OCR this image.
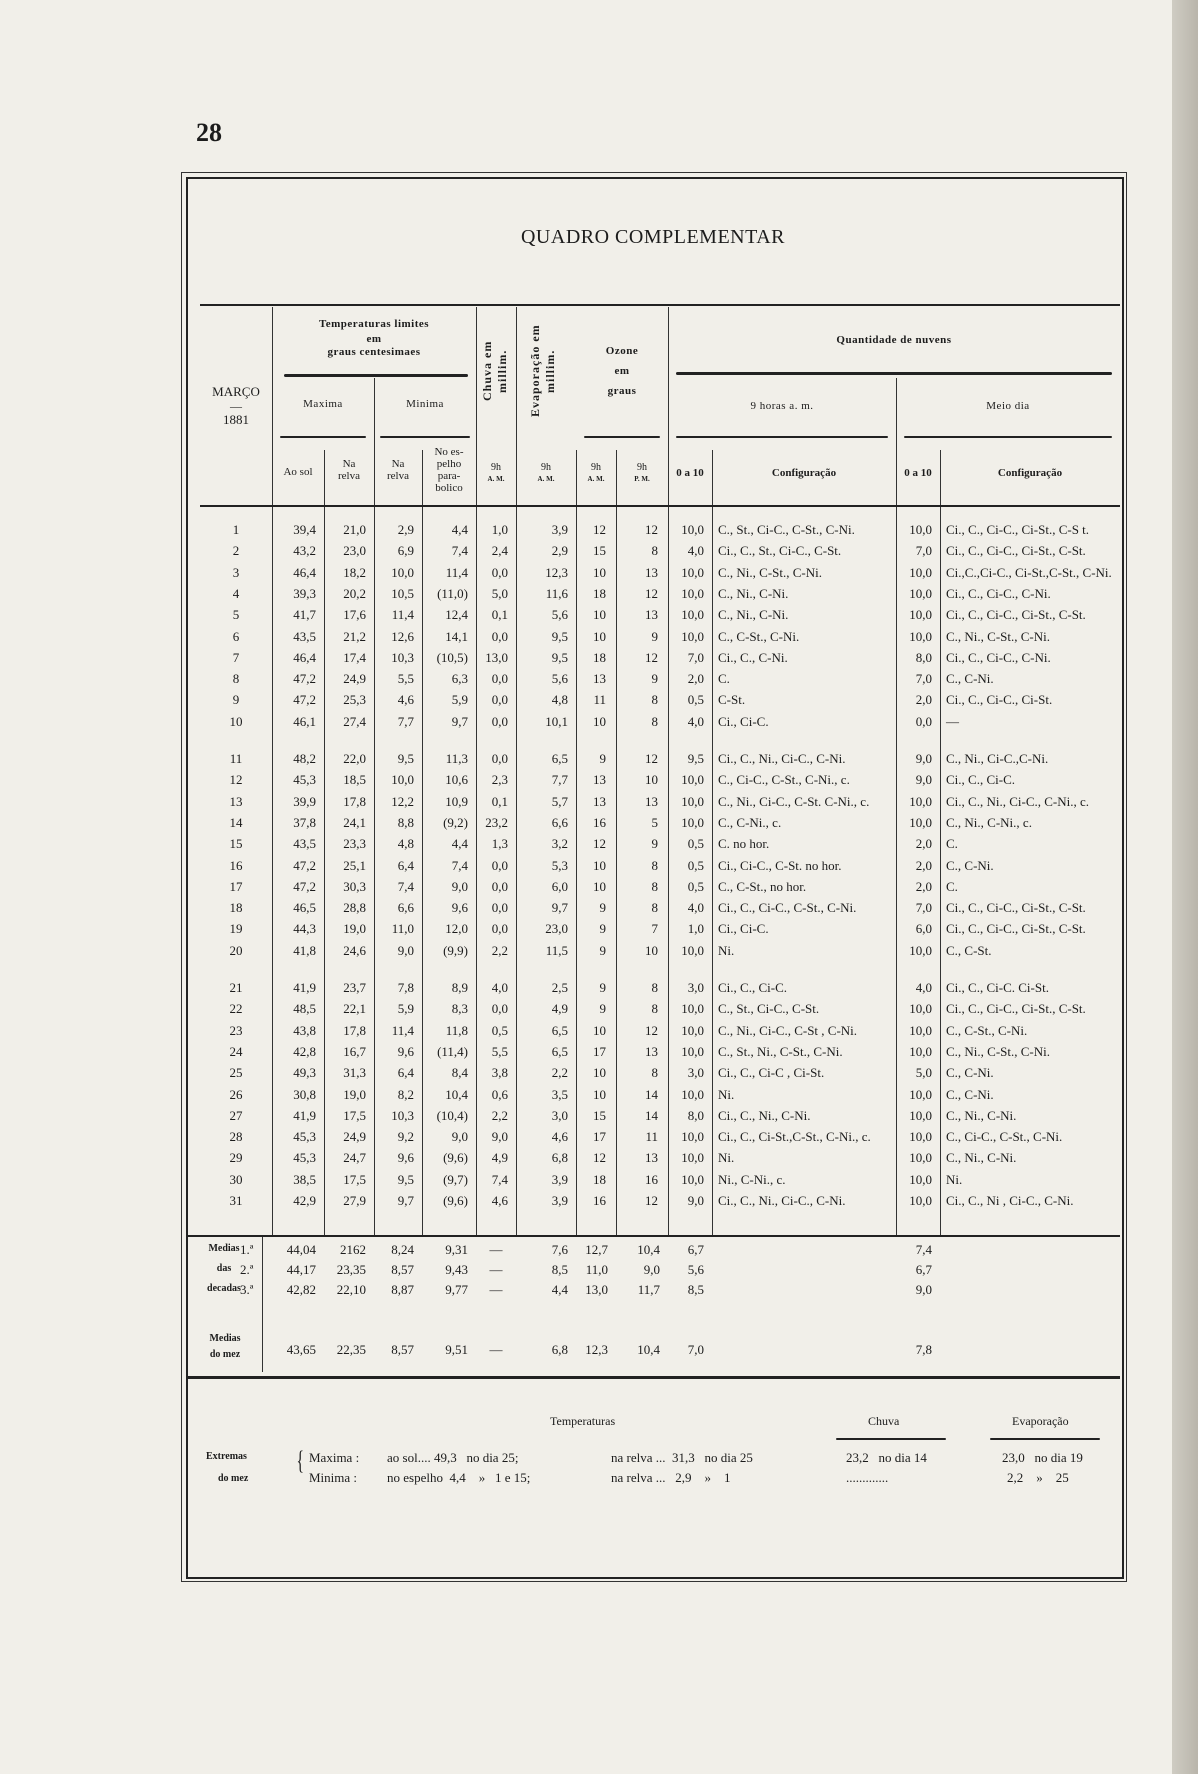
28
QUADRO COMPLEMENTAR
MARÇO
—
1881
Temperaturas limites
em
graus centesimaes
Maxima	Minima
Ao sol
Na
relva
Na
relva
No es-
pelho
para-
bolico
Chuva em millim. Evaporação em millim.	Ozone
em
graus
9h
A. M.
9h
A. M.
9h
A. M.
9h
P. M.
Quantidade de nuvens
9 horas a. m.	Meio dia
0 a 10	Configuração	0 a 10	Configuração
1	39,4	21,0	2,9	4,4	1,0	3,9	12	12	10,0 C., St., Ci-C., C-St., C-Ni.	10,0 Ci., C., Ci-C., Ci-St., C-S t.
2	43,2	23,0	6,9	7,4	2,4	2,9	15	8	4,0 Ci., C., St., Ci-C., C-St.	7,0 Ci., C., Ci-C., Ci-St., C-St.
3	46,4	18,2	10,0	11,4	0,0	12,3	10	13	10,0 C., Ni., C-St., C-Ni.	10,0 Ci.,C.,Ci-C., Ci-St.,C-St., C-Ni.
4	39,3	20,2	10,5	(11,0)	5,0	11,6	18	12	10,0 C., Ni., C-Ni.	10,0 Ci., C., Ci-C., C-Ni.
5	41,7	17,6	11,4	12,4	0,1	5,6	10	13	10,0 C., Ni., C-Ni.	10,0 Ci., C., Ci-C., Ci-St., C-St.
6	43,5	21,2	12,6	14,1	0,0	9,5	10	9	10,0 C., C-St., C-Ni.	10,0 C., Ni., C-St., C-Ni.
7	46,4	17,4	10,3	(10,5)	13,0	9,5	18	12	7,0 Ci., C., C-Ni.	8,0 Ci., C., Ci-C., C-Ni.
8	47,2	24,9	5,5	6,3	0,0	5,6	13	9	2,0 C.	7,0 C., C-Ni.
9	47,2	25,3	4,6	5,9	0,0	4,8	11	8	0,5 C-St.	2,0 Ci., C., Ci-C., Ci-St.
10	46,1	27,4	7,7	9,7	0,0	10,1	10	8	4,0 Ci., Ci-C.	0,0 —
11	48,2	22,0	9,5	11,3	0,0	6,5	9	12	9,5 Ci., C., Ni., Ci-C., C-Ni.	9,0 C., Ni., Ci-C.,C-Ni.
12	45,3	18,5	10,0	10,6	2,3	7,7	13	10	10,0 C., Ci-C., C-St., C-Ni., c.	9,0 Ci., C., Ci-C.
13	39,9	17,8	12,2	10,9	0,1	5,7	13	13	10,0 C., Ni., Ci-C., C-St. C-Ni., c.	10,0 Ci., C., Ni., Ci-C., C-Ni., c.
14	37,8	24,1	8,8	(9,2)	23,2	6,6	16	5	10,0 C., C-Ni., c.	10,0 C., Ni., C-Ni., c.
15	43,5	23,3	4,8	4,4	1,3	3,2	12	9	0,5 C. no hor.	2,0 C.
16	47,2	25,1	6,4	7,4	0,0	5,3	10	8	0,5 Ci., Ci-C., C-St. no hor.	2,0 C., C-Ni.
17	47,2	30,3	7,4	9,0	0,0	6,0	10	8	0,5 C., C-St., no hor.	2,0 C.
18	46,5	28,8	6,6	9,6	0,0	9,7	9	8	4,0 Ci., C., Ci-C., C-St., C-Ni.	7,0 Ci., C., Ci-C., Ci-St., C-St.
19	44,3	19,0	11,0	12,0	0,0	23,0	9	7	1,0 Ci., Ci-C.	6,0 Ci., C., Ci-C., Ci-St., C-St.
20	41,8	24,6	9,0	(9,9)	2,2	11,5	9	10	10,0 Ni.	10,0 C., C-St.
21	41,9	23,7	7,8	8,9	4,0	2,5	9	8	3,0 Ci., C., Ci-C.	4,0 Ci., C., Ci-C. Ci-St.
22	48,5	22,1	5,9	8,3	0,0	4,9	9	8	10,0 C., St., Ci-C., C-St.	10,0 Ci., C., Ci-C., Ci-St., C-St.
23	43,8	17,8	11,4	11,8	0,5	6,5	10	12	10,0 C., Ni., Ci-C., C-St , C-Ni.	10,0 C., C-St., C-Ni.
24	42,8	16,7	9,6	(11,4)	5,5	6,5	17	13	10,0 C., St., Ni., C-St., C-Ni.	10,0 C., Ni., C-St., C-Ni.
25	49,3	31,3	6,4	8,4	3,8	2,2	10	8	3,0 Ci., C., Ci-C , Ci-St.	5,0 C., C-Ni.
26	30,8	19,0	8,2	10,4	0,6	3,5	10	14	10,0 Ni.	10,0 C., C-Ni.
27	41,9	17,5	10,3	(10,4)	2,2	3,0	15	14	8,0 Ci., C., Ni., C-Ni.	10,0 C., Ni., C-Ni.
28	45,3	24,9	9,2	9,0	9,0	4,6	17	11	10,0 Ci., C., Ci-St.,C-St., C-Ni., c.	10,0 C., Ci-C., C-St., C-Ni.
29	45,3	24,7	9,6	(9,6)	4,9	6,8	12	13	10,0 Ni.	10,0 C., Ni., C-Ni.
30	38,5	17,5	9,5	(9,7)	7,4	3,9	18	16	10,0 Ni., C-Ni., c.	10,0 Ni.
31	42,9	27,9	9,7	(9,6)	4,6	3,9	16	12	9,0 Ci., C., Ni., Ci-C., C-Ni.	10,0 Ci., C., Ni , Ci-C., C-Ni.
Medias
das
decadas
1.ª
2.ª
3.ª
44,04	2162	8,24	9,31	—	7,6	12,7	10,4	6,7	7,4
44,17	23,35	8,57	9,43	—	8,5	11,0	9,0	5,6	6,7
42,82	22,10	8,87	9,77	—	4,4	13,0	11,7	8,5	9,0
Medias
do mez	43,65	22,35	8,57	9,51	—	6,8	12,3	10,4	7,0	7,8
Temperaturas	Chuva	Evaporação
Extremas
do mez
{ Maxima : ao sol.... 49,3   no dia 25;	na relva ...  31,3   no dia 25	23,2   no dia 14	23,0   no dia 19
Minima : no espelho  4,4    »   1 e 15;	na relva ...   2,9    »    1	.............	2,2    »    25
